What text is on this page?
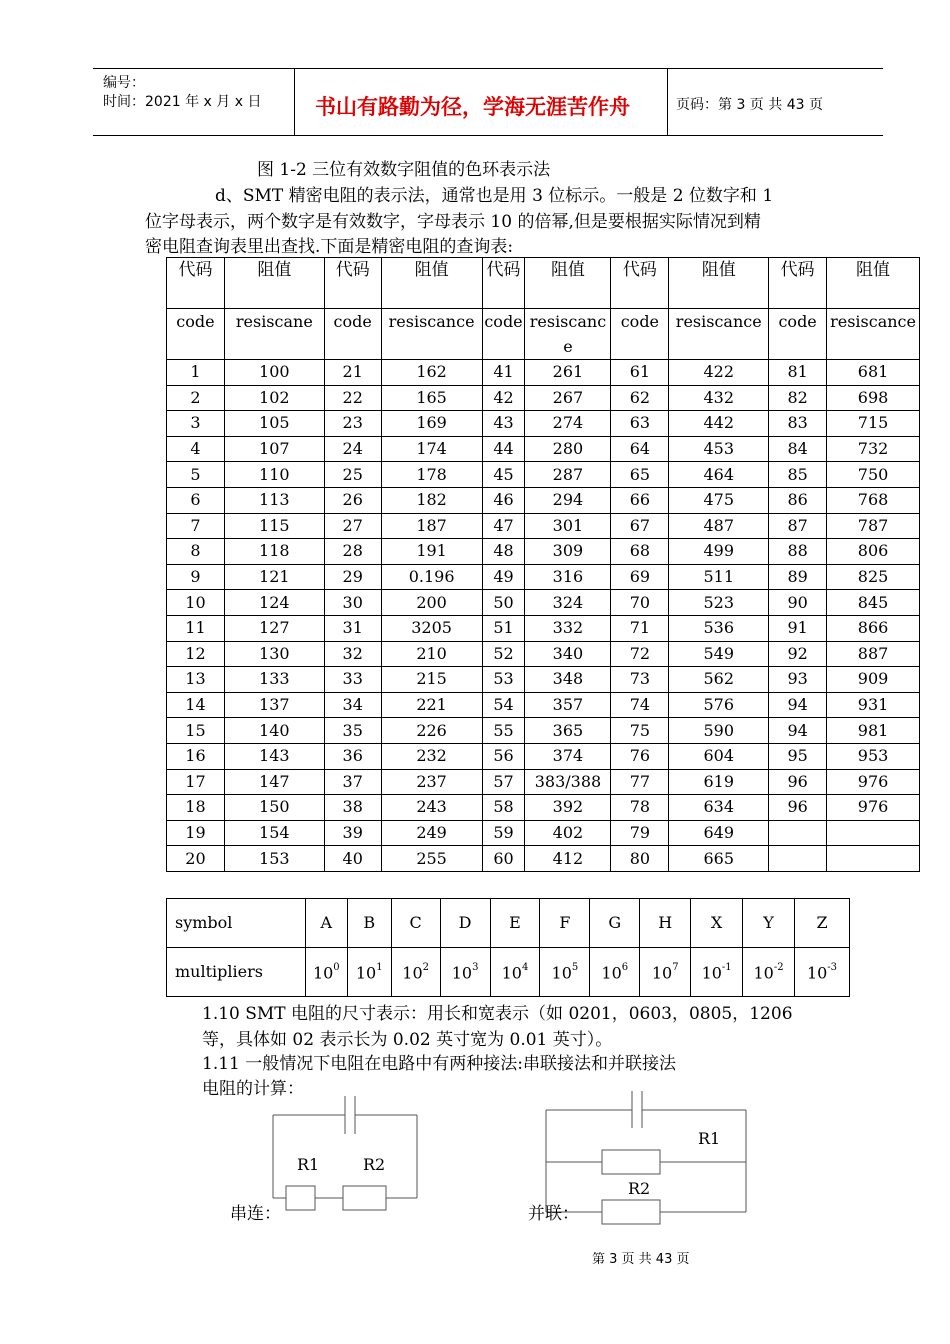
编号：
时间：2021 年 x 月 x 日	书山有路勤为径，学海无涯苦作舟	页码：第 3 页 共 43 页
图 1-2 三位有效数字阻值的色环表示法
d、SMT 精密电阻的表示法，通常也是用 3 位标示。一般是 2 位数字和 1
位字母表示，两个数字是有效数字，字母表示 10 的倍幂,但是要根据实际情况到精
密电阻查询表里出查找.下面是精密电阻的查询表:
代码	阻值	代码	阻值	代码	阻值	代码	阻值	代码	阻值
code	resiscane	code	resiscance	code	resiscance	code	resiscance	code	resiscance
1	100	21	162	41	261	61	422	81	681
2	102	22	165	42	267	62	432	82	698
3	105	23	169	43	274	63	442	83	715
4	107	24	174	44	280	64	453	84	732
5	110	25	178	45	287	65	464	85	750
6	113	26	182	46	294	66	475	86	768
7	115	27	187	47	301	67	487	87	787
8	118	28	191	48	309	68	499	88	806
9	121	29	0.196	49	316	69	511	89	825
10	124	30	200	50	324	70	523	90	845
11	127	31	3205	51	332	71	536	91	866
12	130	32	210	52	340	72	549	92	887
13	133	33	215	53	348	73	562	93	909
14	137	34	221	54	357	74	576	94	931
15	140	35	226	55	365	75	590	94	981
16	143	36	232	56	374	76	604	95	953
17	147	37	237	57	383/388	77	619	96	976
18	150	38	243	58	392	78	634	96	976
19	154	39	249	59	402	79	649		
20	153	40	255	60	412	80	665		
symbol	A	B	C	D	E	F	G	H	X	Y	Z
multipliers	$10^0$	$10^1$	$10^2$	$10^3$	$10^4$	$10^5$	$10^6$	$10^7$	$10^{-1}$	$10^{-2}$	$10^{-3}$
1.10 SMT 电阻的尺寸表示：用长和宽表示（如 0201，0603，0805，1206
等，具体如 02 表示长为 0.02 英寸宽为 0.01 英寸）。
1.11 一般情况下电阻在电路中有两种接法:串联接法和并联接法
电阻的计算：
R1	R2
串连：
R1
R2
并联：
第 3 页 共 43 页
